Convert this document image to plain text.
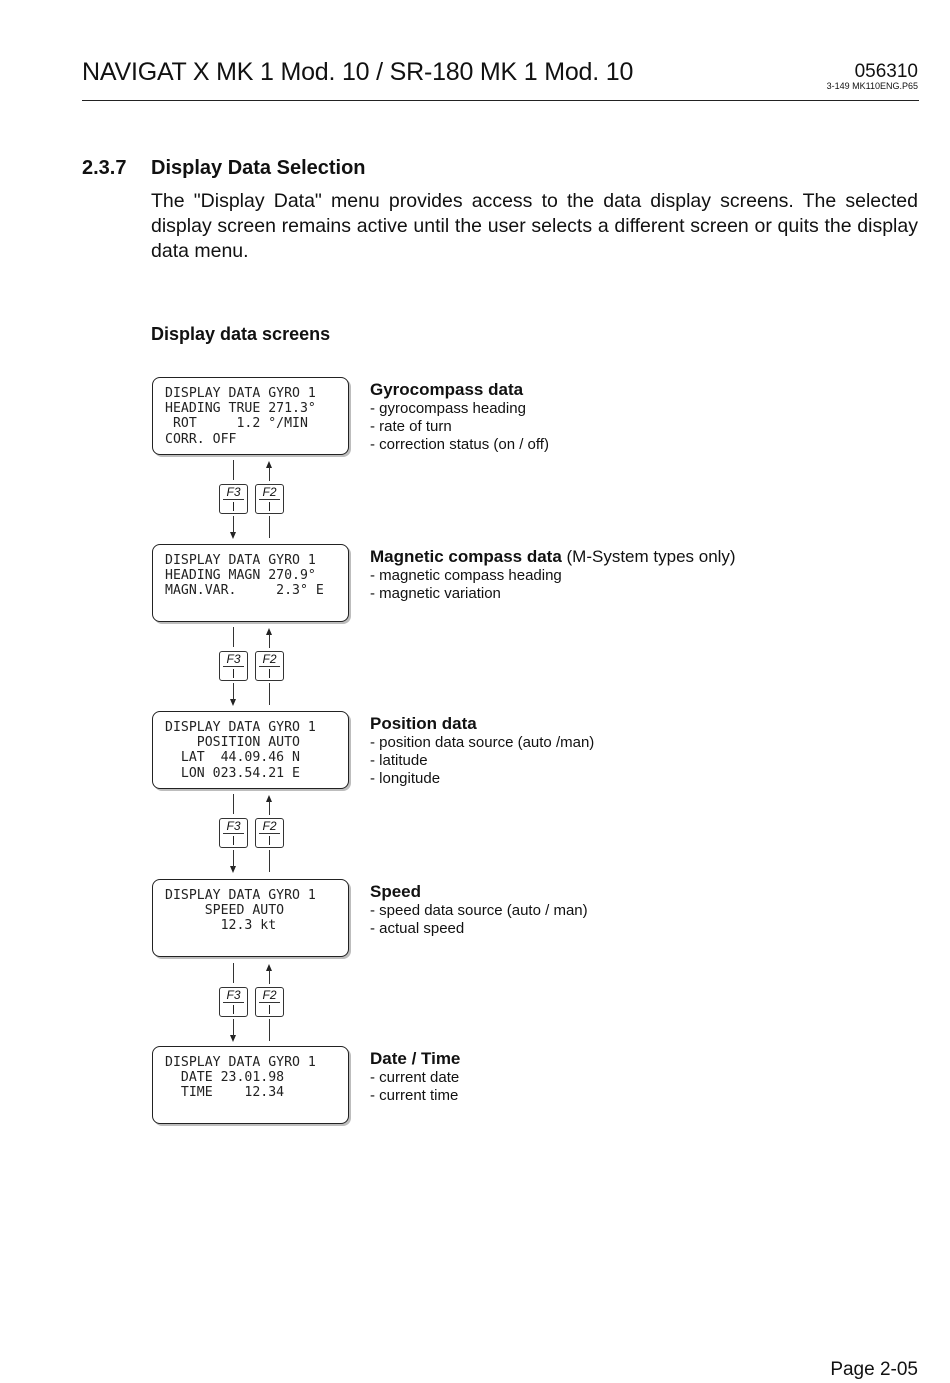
NAVIGAT X MK 1 Mod. 10 / SR-180 MK 1 Mod. 10	056310
3-149 MK110ENG.P65
2.3.7 Display Data Selection
The "Display Data" menu provides access to the data display screens. The selected display screen remains active until the user selects a different screen or quits the display data menu.
Display data screens
DISPLAY DATA GYRO 1
HEADING TRUE 271.3°
ROT     1.2 °/MIN
CORR. OFF
Gyrocompass data
- gyrocompass heading
- rate of turn
- correction status (on / off)
F3	F2
DISPLAY DATA GYRO 1
HEADING MAGN 270.9°
MAGN.VAR.     2.3° E

Magnetic compass data (M-System types only)
- magnetic compass heading
- magnetic variation
F3	F2
DISPLAY DATA GYRO 1
POSITION AUTO
LAT  44.09.46 N
LON 023.54.21 E
Position data
- position data source (auto /man)
- latitude
- longitude
F3	F2
DISPLAY DATA GYRO 1
SPEED AUTO
12.3 kt

Speed
- speed data source (auto / man)
- actual speed
F3	F2
DISPLAY DATA GYRO 1
DATE 23.01.98
TIME    12.34

Date / Time
- current date
- current time
Page 2-05
